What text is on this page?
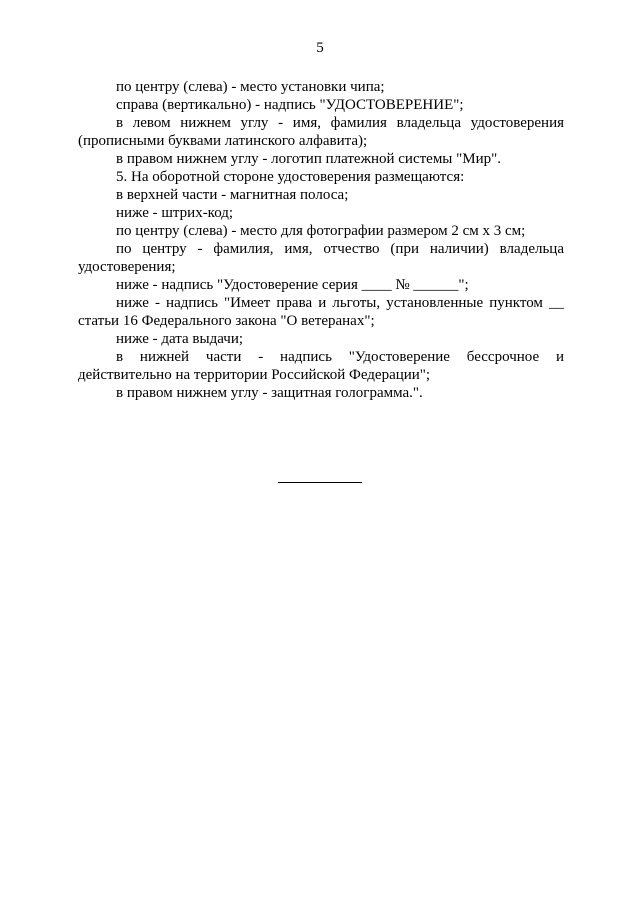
5

по центру (слева) - место установки чипа;

справа (вертикально) - надпись "УДОСТОВЕРЕНИЕ";

в левом нижнем углу - имя, фамилия владельца удостоверения (прописными буквами латинского алфавита);

в правом нижнем углу - логотип платежной системы "Мир".

5. На оборотной стороне удостоверения размещаются:

в верхней части - магнитная полоса;

ниже - штрих-код;

по центру (слева) - место для фотографии размером 2 см х 3 см;

по центру - фамилия, имя, отчество (при наличии) владельца удостоверения;

ниже - надпись "Удостоверение серия ____ № ______";

ниже - надпись "Имеет права и льготы, установленные пунктом __ статьи 16 Федерального закона "О ветеранах";

ниже - дата выдачи;

в нижней части - надпись "Удостоверение бессрочное и действительно на территории Российской Федерации";

в правом нижнем углу - защитная голограмма.".
